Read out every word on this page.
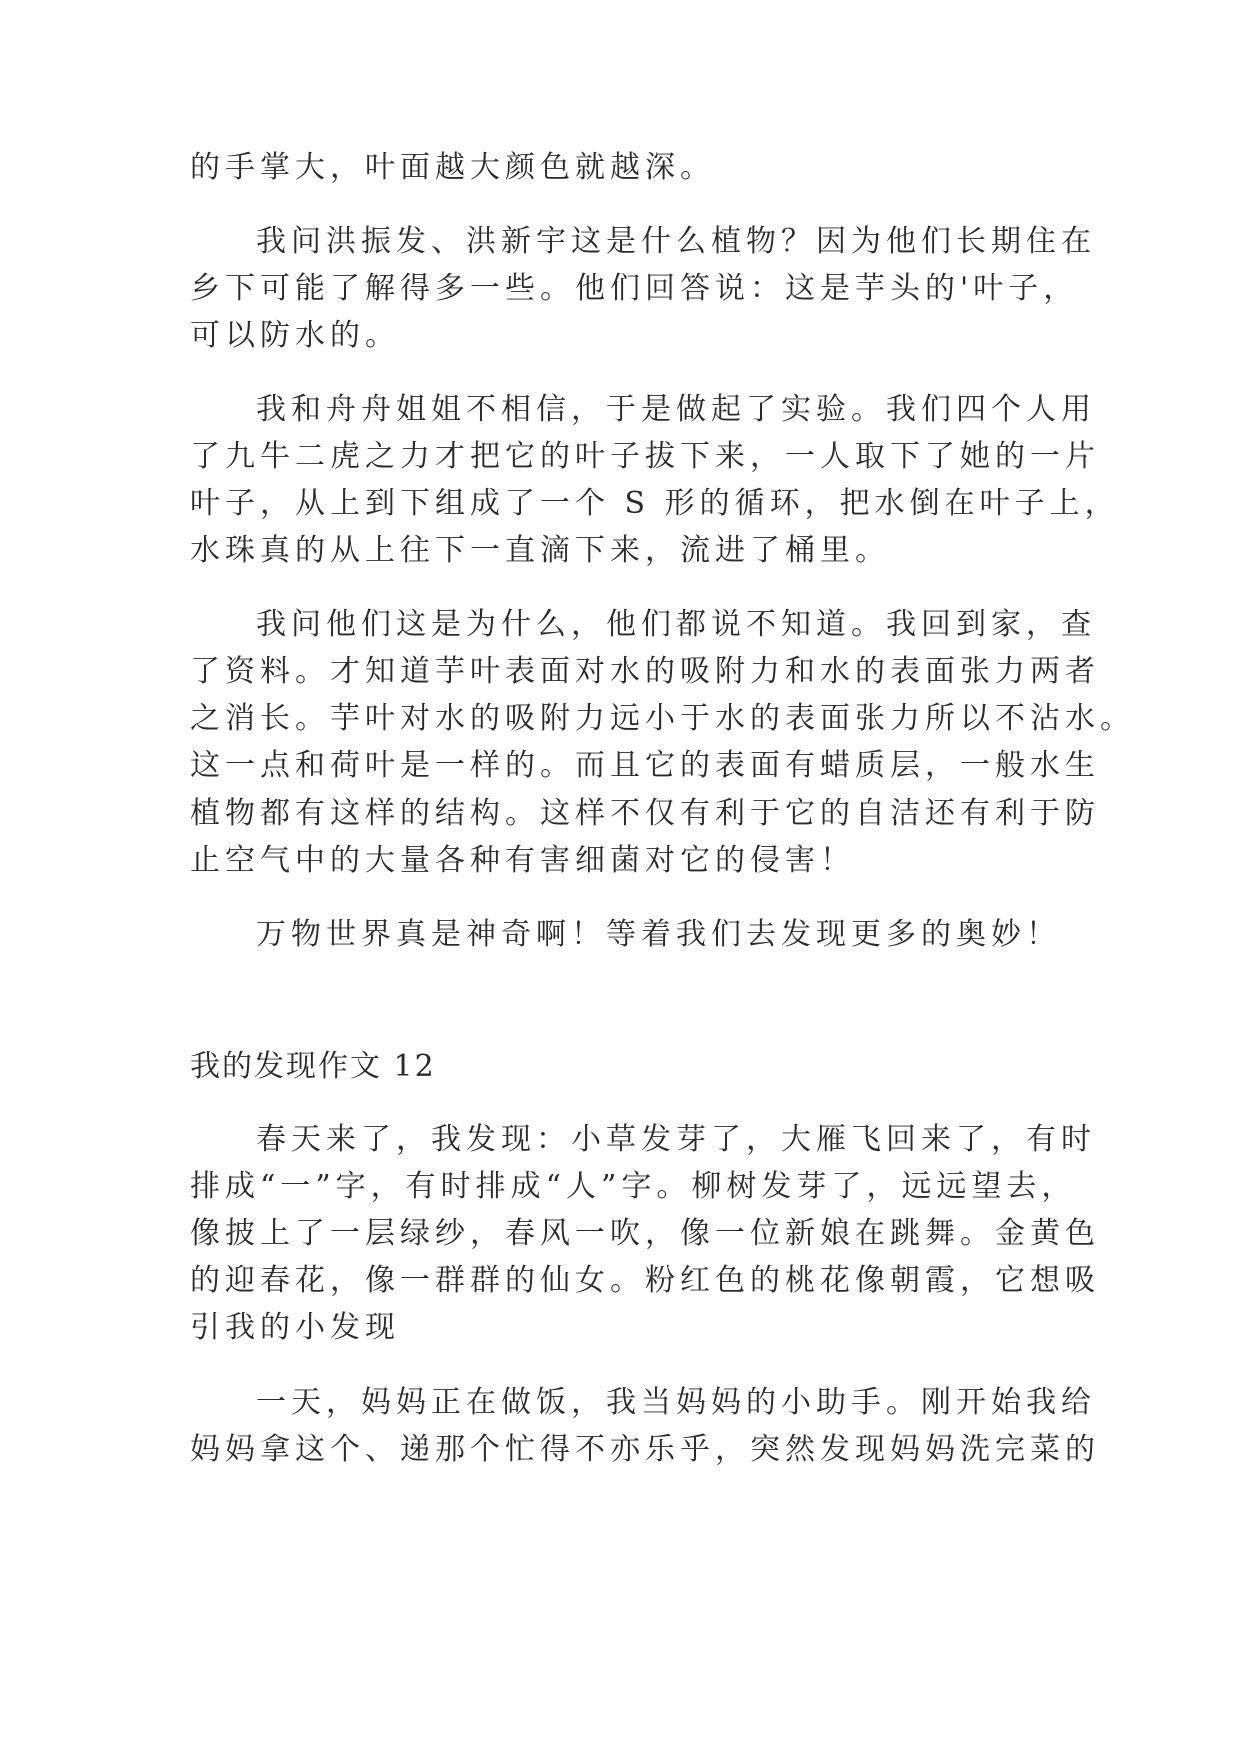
的手掌大，叶面越大颜色就越深。
我问洪振发、洪新宇这是什么植物？因为他们长期住在
乡下可能了解得多一些。他们回答说：这是芋头的'叶子，
可以防水的。
我和舟舟姐姐不相信，于是做起了实验。我们四个人用
了九牛二虎之力才把它的叶子拔下来，一人取下了她的一片
叶子，从上到下组成了一个 S 形的循环，把水倒在叶子上，
水珠真的从上往下一直滴下来，流进了桶里。
我问他们这是为什么，他们都说不知道。我回到家，查
了资料。才知道芋叶表面对水的吸附力和水的表面张力两者
之消长。芋叶对水的吸附力远小于水的表面张力所以不沾水。
这一点和荷叶是一样的。而且它的表面有蜡质层，一般水生
植物都有这样的结构。这样不仅有利于它的自洁还有利于防
止空气中的大量各种有害细菌对它的侵害！
万物世界真是神奇啊！等着我们去发现更多的奥妙！
我的发现作文 12
春天来了，我发现：小草发芽了，大雁飞回来了，有时
排成“一”字，有时排成“人”字。柳树发芽了，远远望去，
像披上了一层绿纱，春风一吹，像一位新娘在跳舞。金黄色
的迎春花，像一群群的仙女。粉红色的桃花像朝霞，它想吸
引我的小发现
一天，妈妈正在做饭，我当妈妈的小助手。刚开始我给
妈妈拿这个、递那个忙得不亦乐乎，突然发现妈妈洗完菜的
